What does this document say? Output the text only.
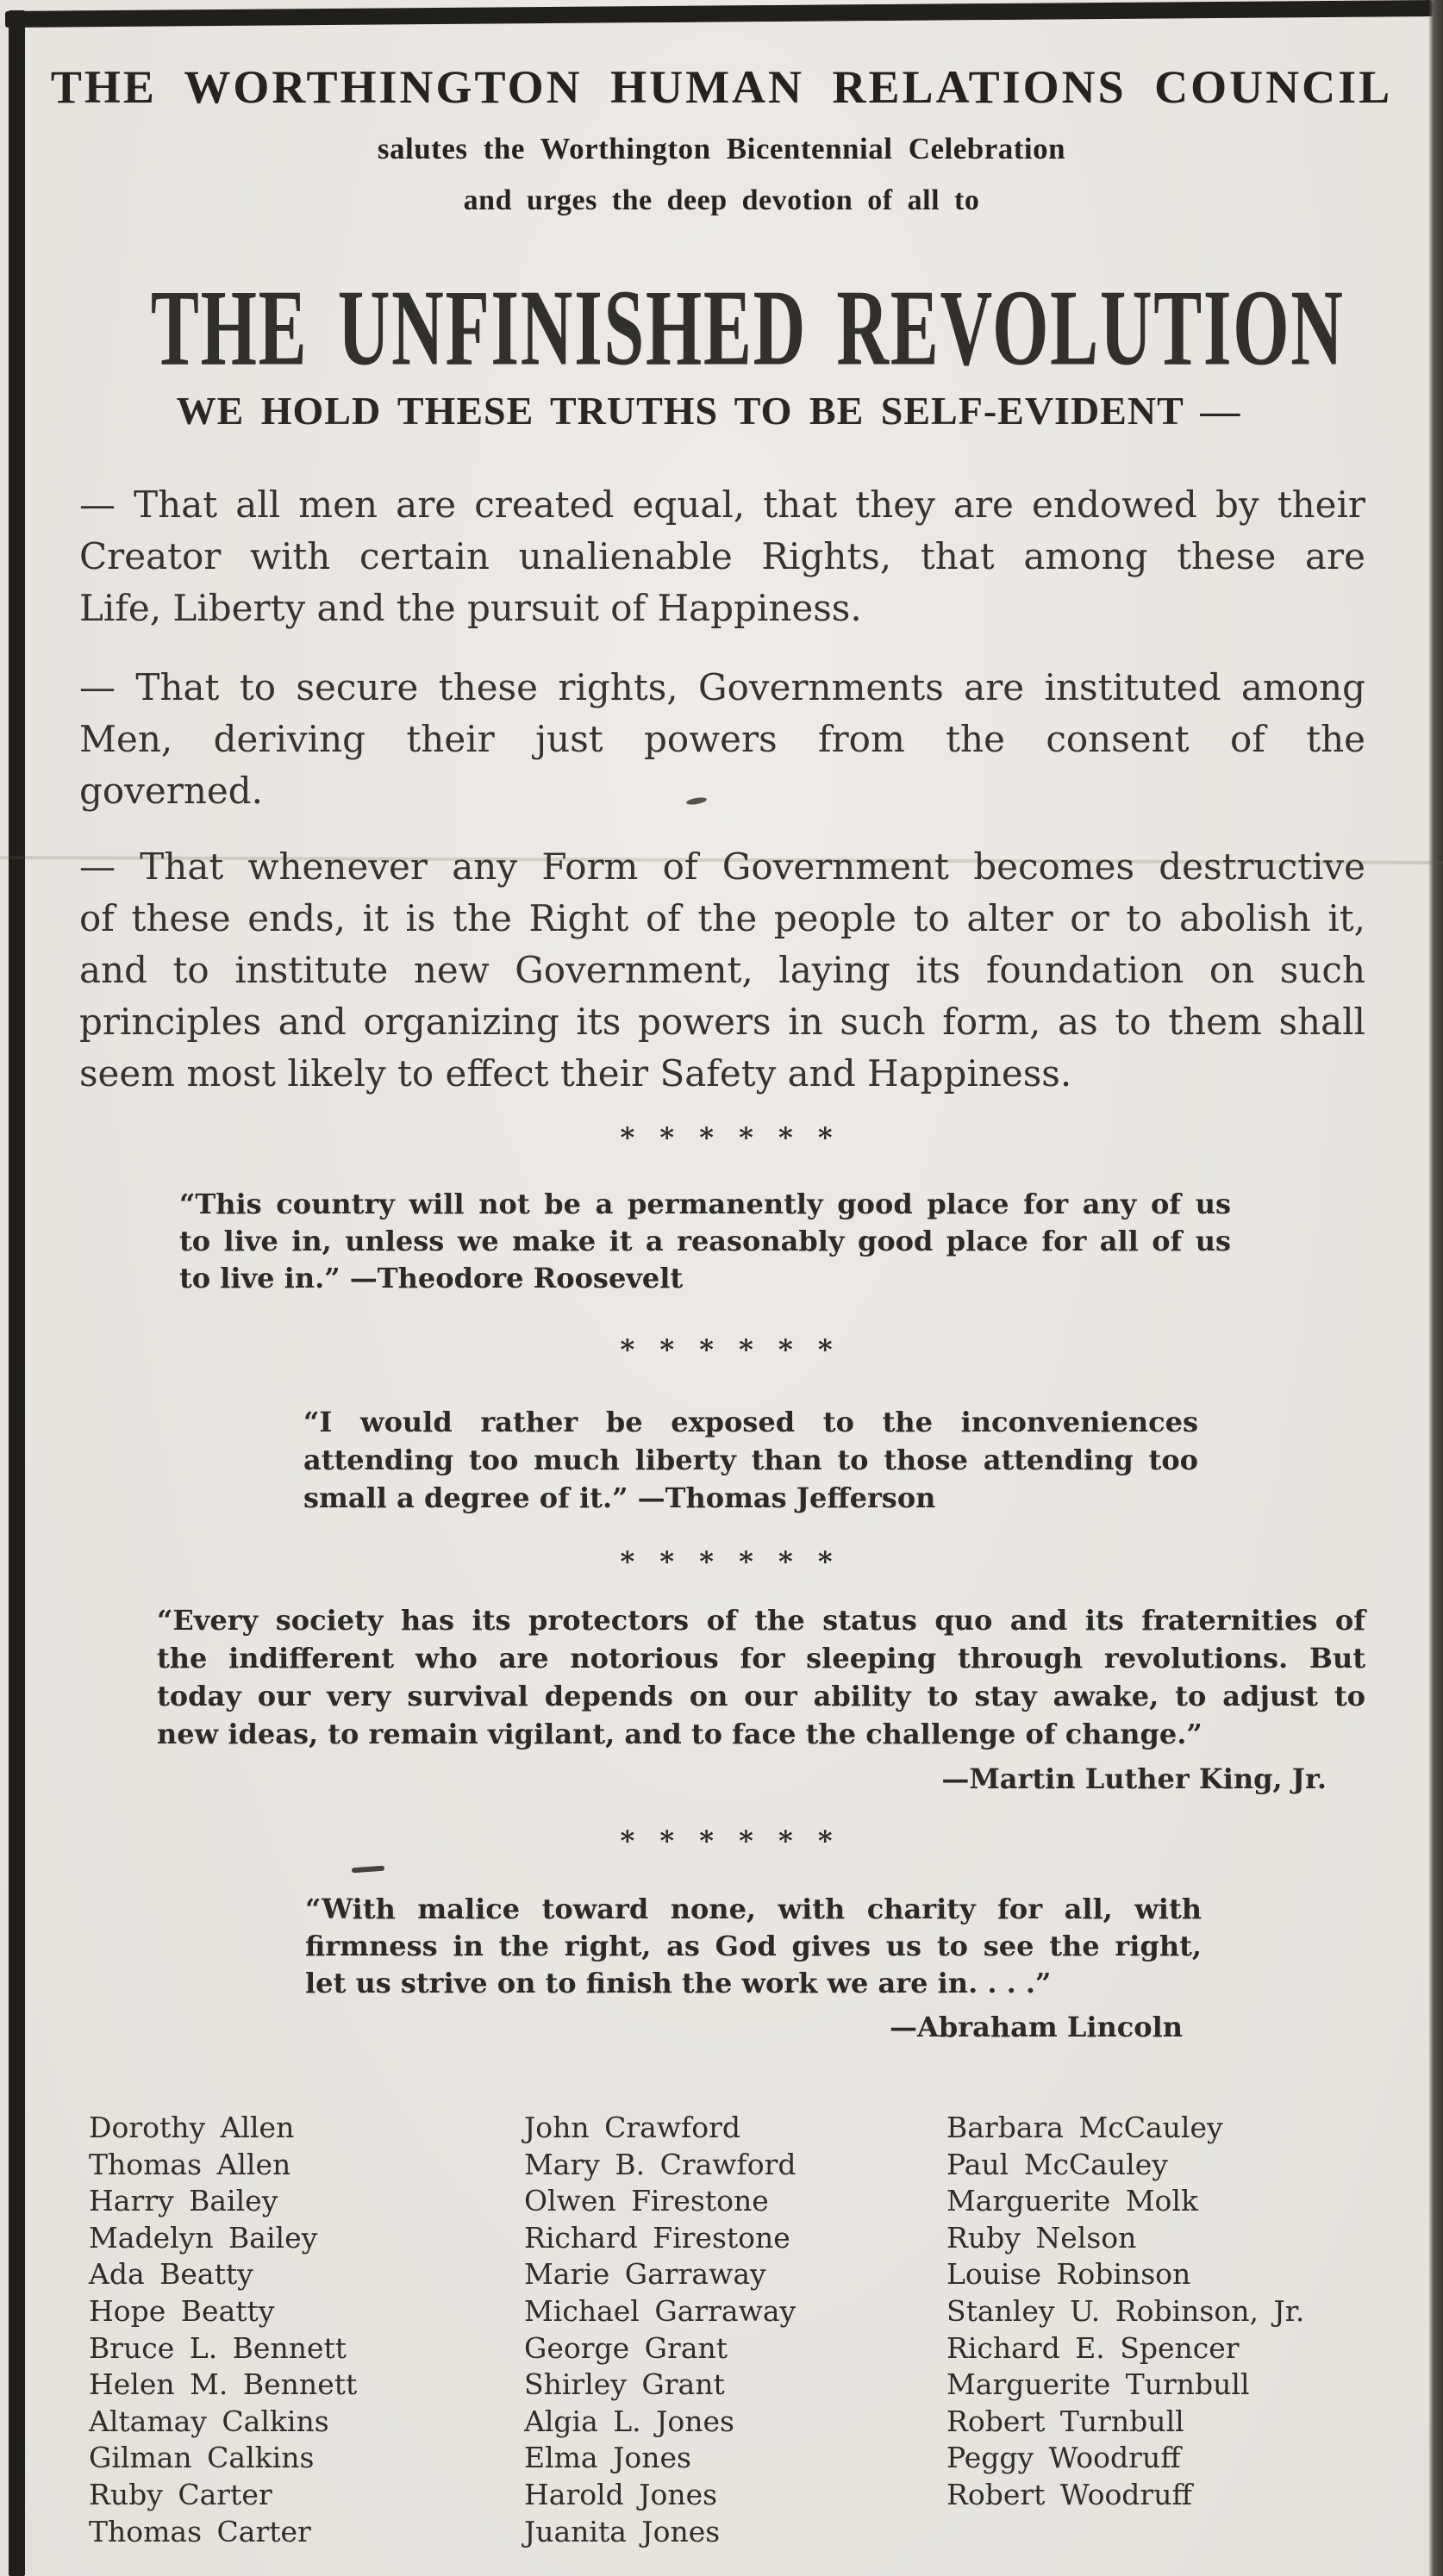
THE WORTHINGTON HUMAN RELATIONS COUNCIL
salutes the Worthington Bicentennial Celebration
and urges the deep devotion of all to
THE UNFINISHED REVOLUTION
WE HOLD THESE TRUTHS TO BE SELF-EVIDENT —
— That all men are created equal, that they are endowed by their
Creator with certain unalienable Rights, that among these are
Life, Liberty and the pursuit of Happiness.
— That to secure these rights, Governments are instituted among
Men, deriving their just powers from the consent of the
governed.
— That whenever any Form of Government becomes destructive
of these ends, it is the Right of the people to alter or to abolish it,
and to institute new Government, laying its foundation on such
principles and organizing its powers in such form, as to them shall
seem most likely to effect their Safety and Happiness.
* * * * * *
“This country will not be a permanently good place for any of us
to live in, unless we make it a reasonably good place for all of us
to live in.” —Theodore Roosevelt
* * * * * *
“I would rather be exposed to the inconveniences
attending too much liberty than to those attending too
small a degree of it.” —Thomas Jefferson
* * * * * *
“Every society has its protectors of the status quo and its fraternities of
the indifferent who are notorious for sleeping through revolutions. But
today our very survival depends on our ability to stay awake, to adjust to
new ideas, to remain vigilant, and to face the challenge of change.”
—Martin Luther King, Jr.
* * * * * *
“With malice toward none, with charity for all, with
firmness in the right, as God gives us to see the right,
let us strive on to finish the work we are in. . . .”
—Abraham Lincoln
Dorothy Allen
Thomas Allen
Harry Bailey
Madelyn Bailey
Ada Beatty
Hope Beatty
Bruce L. Bennett
Helen M. Bennett
Altamay Calkins
Gilman Calkins
Ruby Carter
Thomas Carter
John Crawford
Mary B. Crawford
Olwen Firestone
Richard Firestone
Marie Garraway
Michael Garraway
George Grant
Shirley Grant
Algia L. Jones
Elma Jones
Harold Jones
Juanita Jones
Barbara McCauley
Paul McCauley
Marguerite Molk
Ruby Nelson
Louise Robinson
Stanley U. Robinson, Jr.
Richard E. Spencer
Marguerite Turnbull
Robert Turnbull
Peggy Woodruff
Robert Woodruff
